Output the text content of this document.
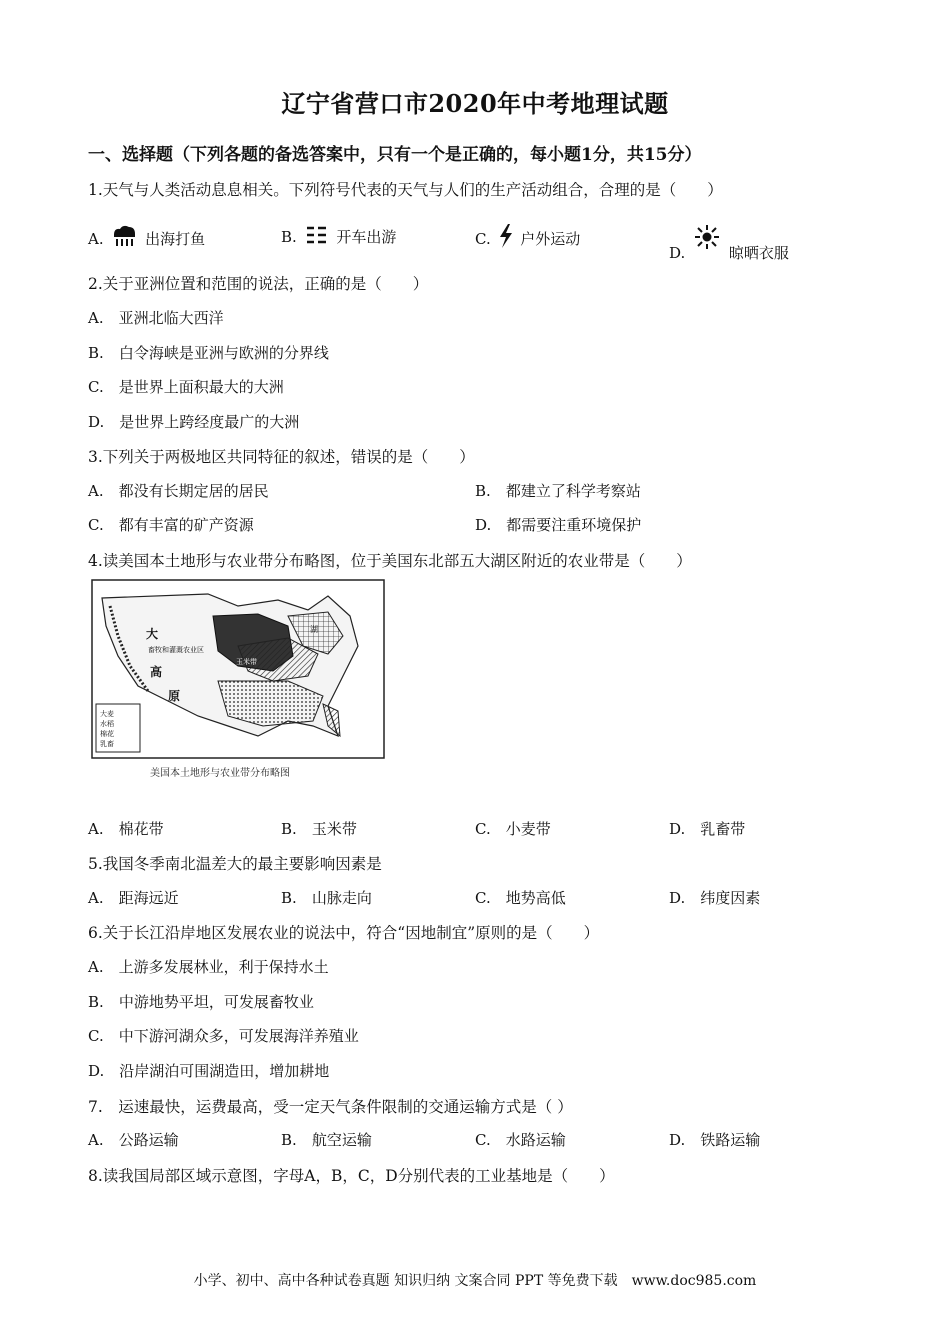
辽宁省营口市2020年中考地理试题
一、选择题（下列各题的备选答案中，只有一个是正确的，每小题1分，共15分）
1.天气与人类活动息息相关。下列符号代表的天气与人们的生产活动组合，合理的是（　　）
A.	出海打鱼	B.	开车出游	C. 户外运动
D.	晾晒衣服
2.关于亚洲位置和范围的说法，正确的是（　　）
A.　 亚洲北临大西洋
B.　 白令海峡是亚洲与欧洲的分界线
C.　 是世界上面积最大的大洲
D.　 是世界上跨经度最广的大洲
3.下列关于两极地区共同特征的叙述，错误的是（　　）
A.　 都没有长期定居的居民	B.　 都建立了科学考察站
C.　 都有丰富的矿产资源	D.　 都需要注重环境保护
4.读美国本土地形与农业带分布略图，位于美国东北部五大湖区附近的农业带是（　　）
大麦
水稻
棉花
乳畜
大
高
原
畜牧和灌溉农业区
玉米带
湖
美国本土地形与农业带分布略图
A.　 棉花带	B.　 玉米带	C.　 小麦带	D.　 乳畜带
5.我国冬季南北温差大的最主要影响因素是
A.　 距海远近	B.　 山脉走向	C.　 地势高低	D.　 纬度因素
6.关于长江沿岸地区发展农业的说法中，符合“因地制宜”原则的是（　　）
A.　 上游多发展林业，利于保持水土
B.　 中游地势平坦，可发展畜牧业
C.　 中下游河湖众多，可发展海洋养殖业
D.　 沿岸湖泊可围湖造田，增加耕地
7.　运速最快，运费最高，受一定天气条件限制的交通运输方式是（ ）
A.　 公路运输	B.　 航空运输	C.　 水路运输	D.　 铁路运输
8.读我国局部区域示意图，字母A，B，C，D分别代表的工业基地是（　　）
小学、初中、高中各种试卷真题 知识归纳 文案合同 PPT 等免费下载　www.doc985.com
